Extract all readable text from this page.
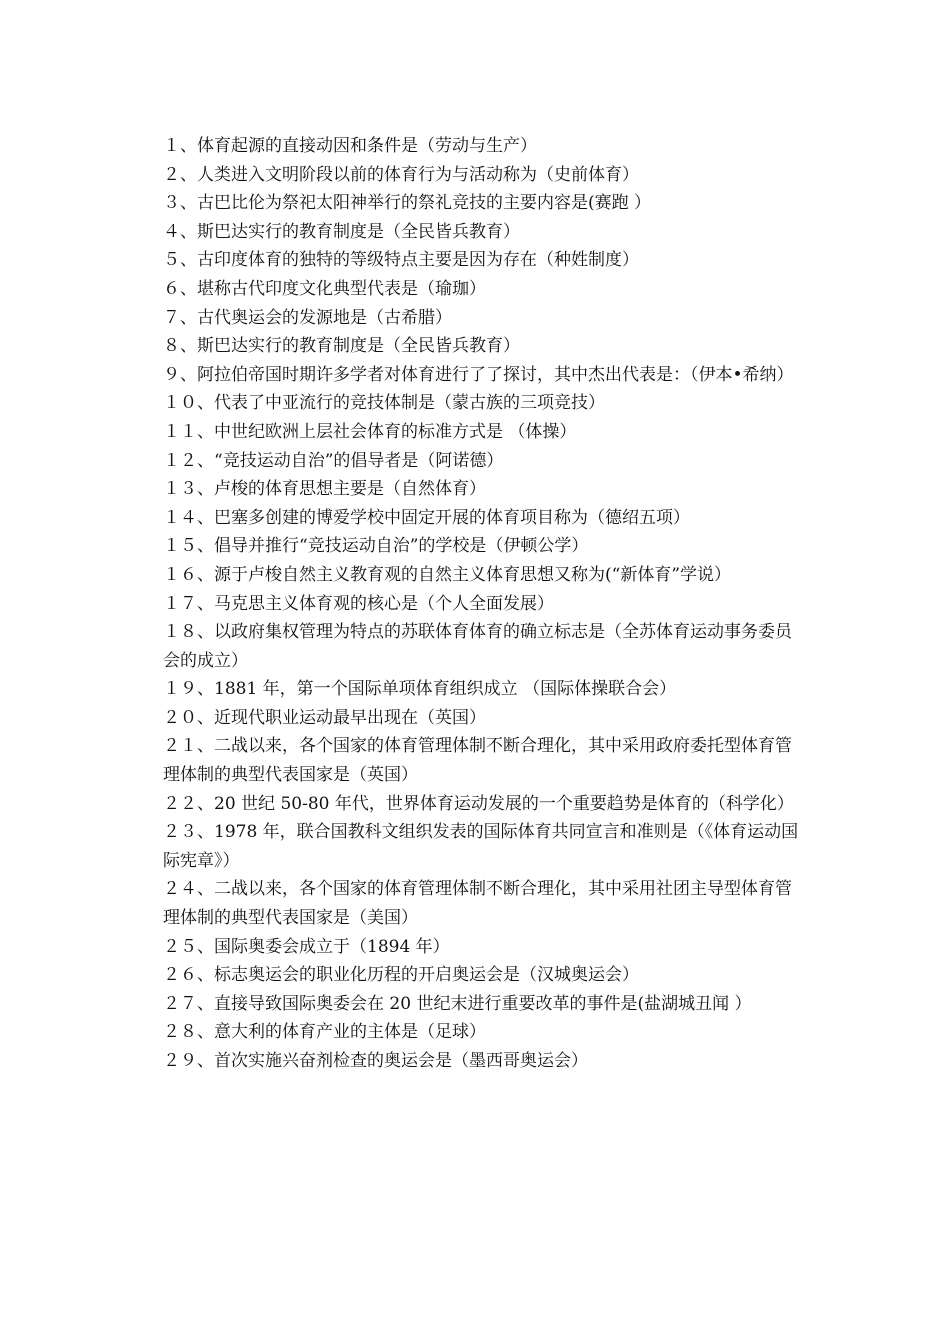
１、体育起源的直接动因和条件是（劳动与生产）

２、人类进入文明阶段以前的体育行为与活动称为（史前体育）

３、古巴比伦为祭祀太阳神举行的祭礼竞技的主要内容是(赛跑 ）

４、斯巴达实行的教育制度是（全民皆兵教育）

５、古印度体育的独特的等级特点主要是因为存在（种姓制度）

６、堪称古代印度文化典型代表是（瑜珈）

７、古代奥运会的发源地是（古希腊）

８、斯巴达实行的教育制度是（全民皆兵教育）

９、阿拉伯帝国时期许多学者对体育进行了了探讨，其中杰出代表是：（伊本•希纳）

１０、代表了中亚流行的竞技体制是（蒙古族的三项竞技）

１１、中世纪欧洲上层社会体育的标准方式是 （体操）

１２、“竞技运动自治”的倡导者是（阿诺德）

１３、卢梭的体育思想主要是（自然体育）

１４、巴塞多创建的博爱学校中固定开展的体育项目称为（德绍五项）

１５、倡导并推行“竞技运动自治”的学校是（伊顿公学）

１６、源于卢梭自然主义教育观的自然主义体育思想又称为(“新体育”学说）

１７、马克思主义体育观的核心是（个人全面发展）

１８、以政府集权管理为特点的苏联体育体育的确立标志是（全苏体育运动事务委员会的成立）

１９、1881 年，第一个国际单项体育组织成立 （国际体操联合会）

２０、近现代职业运动最早出现在（英国）

２１、二战以来，各个国家的体育管理体制不断合理化，其中采用政府委托型体育管理体制的典型代表国家是（英国）

２２、20 世纪 50-80 年代，世界体育运动发展的一个重要趋势是体育的（科学化）

２３、1978 年，联合国教科文组织发表的国际体育共同宣言和准则是（《体育运动国际宪章》）

２４、二战以来，各个国家的体育管理体制不断合理化，其中采用社团主导型体育管理体制的典型代表国家是（美国）

２５、国际奥委会成立于（1894 年）

２６、标志奥运会的职业化历程的开启奥运会是（汉城奥运会）

２７、直接导致国际奥委会在 20 世纪末进行重要改革的事件是(盐湖城丑闻 ）

２８、意大利的体育产业的主体是（足球）

２９、首次实施兴奋剂检查的奥运会是（墨西哥奥运会）
